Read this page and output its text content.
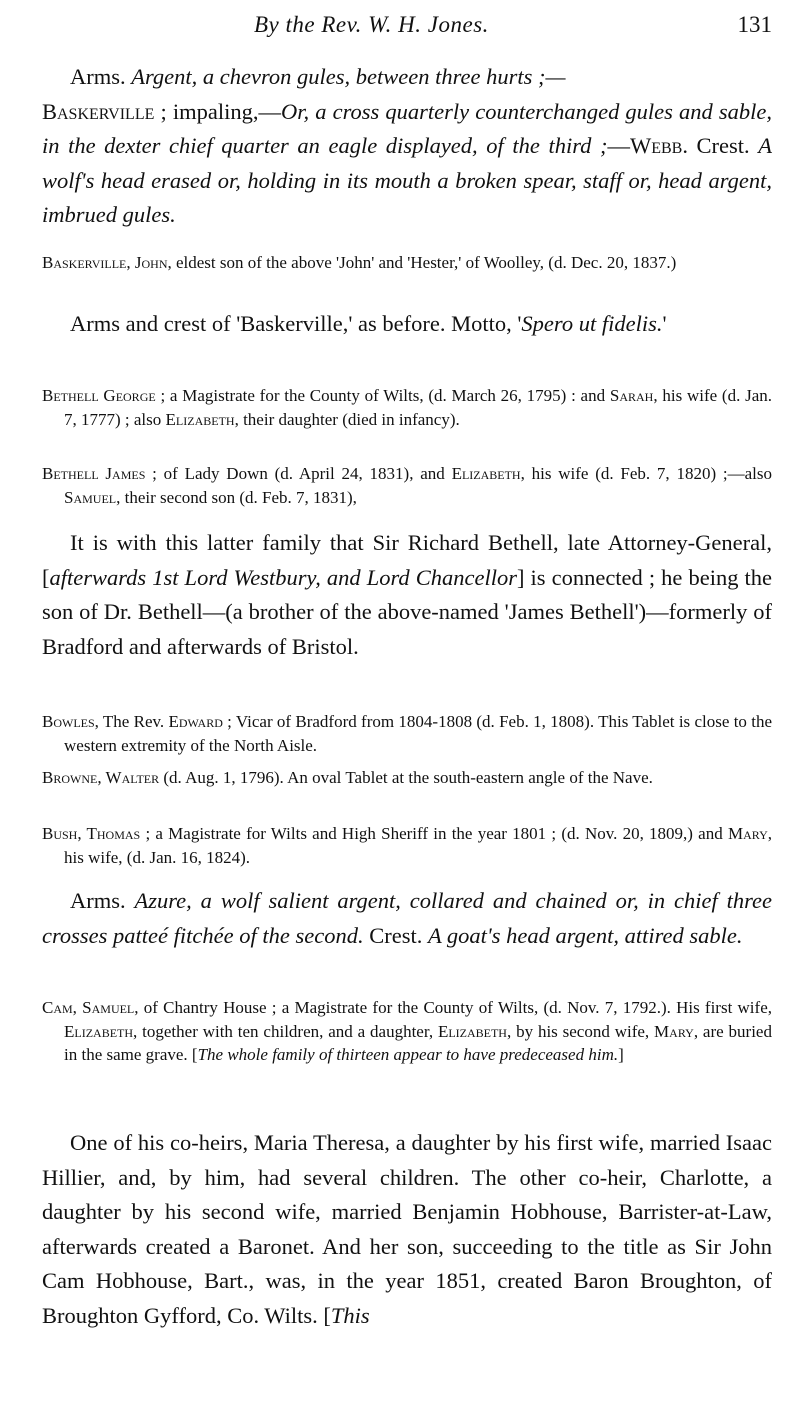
By the Rev. W. H. Jones.	131

Arms. Argent, a chevron gules, between three hurts ;—
Baskerville ; impaling,—Or, a cross quarterly counterchanged gules and sable, in the dexter chief quarter an eagle displayed, of the third ;—Webb. Crest. A wolf's head erased or, holding in its mouth a broken spear, staff or, head argent, imbrued gules.

Baskerville, John, eldest son of the above 'John' and 'Hester,' of Woolley, (d. Dec. 20, 1837.)

Arms and crest of 'Baskerville,' as before. Motto, 'Spero ut fidelis.'

Bethell George ; a Magistrate for the County of Wilts, (d. March 26, 1795) : and Sarah, his wife (d. Jan. 7, 1777) ; also Elizabeth, their daughter (died in infancy).

Bethell James ; of Lady Down (d. April 24, 1831), and Elizabeth, his wife (d. Feb. 7, 1820) ;—also Samuel, their second son (d. Feb. 7, 1831),

It is with this latter family that Sir Richard Bethell, late Attorney-General, [afterwards 1st Lord Westbury, and Lord Chancellor] is connected ; he being the son of Dr. Bethell—(a brother of the above-named 'James Bethell')—formerly of Bradford and afterwards of Bristol.

Bowles, The Rev. Edward ; Vicar of Bradford from 1804-1808 (d. Feb. 1, 1808). This Tablet is close to the western extremity of the North Aisle.

Browne, Walter (d. Aug. 1, 1796). An oval Tablet at the south-eastern angle of the Nave.

Bush, Thomas ; a Magistrate for Wilts and High Sheriff in the year 1801 ; (d. Nov. 20, 1809,) and Mary, his wife, (d. Jan. 16, 1824).

Arms. Azure, a wolf salient argent, collared and chained or, in chief three crosses patteé fitchée of the second. Crest. A goat's head argent, attired sable.

Cam, Samuel, of Chantry House ; a Magistrate for the County of Wilts, (d. Nov. 7, 1792.). His first wife, Elizabeth, together with ten children, and a daughter, Elizabeth, by his second wife, Mary, are buried in the same grave. [The whole family of thirteen appear to have predeceased him.]

One of his co-heirs, Maria Theresa, a daughter by his first wife, married Isaac Hillier, and, by him, had several children. The other co-heir, Charlotte, a daughter by his second wife, married Benjamin Hobhouse, Barrister-at-Law, afterwards created a Baronet. And her son, succeeding to the title as Sir John Cam Hobhouse, Bart., was, in the year 1851, created Baron Broughton, of Broughton Gyfford, Co. Wilts. [This
